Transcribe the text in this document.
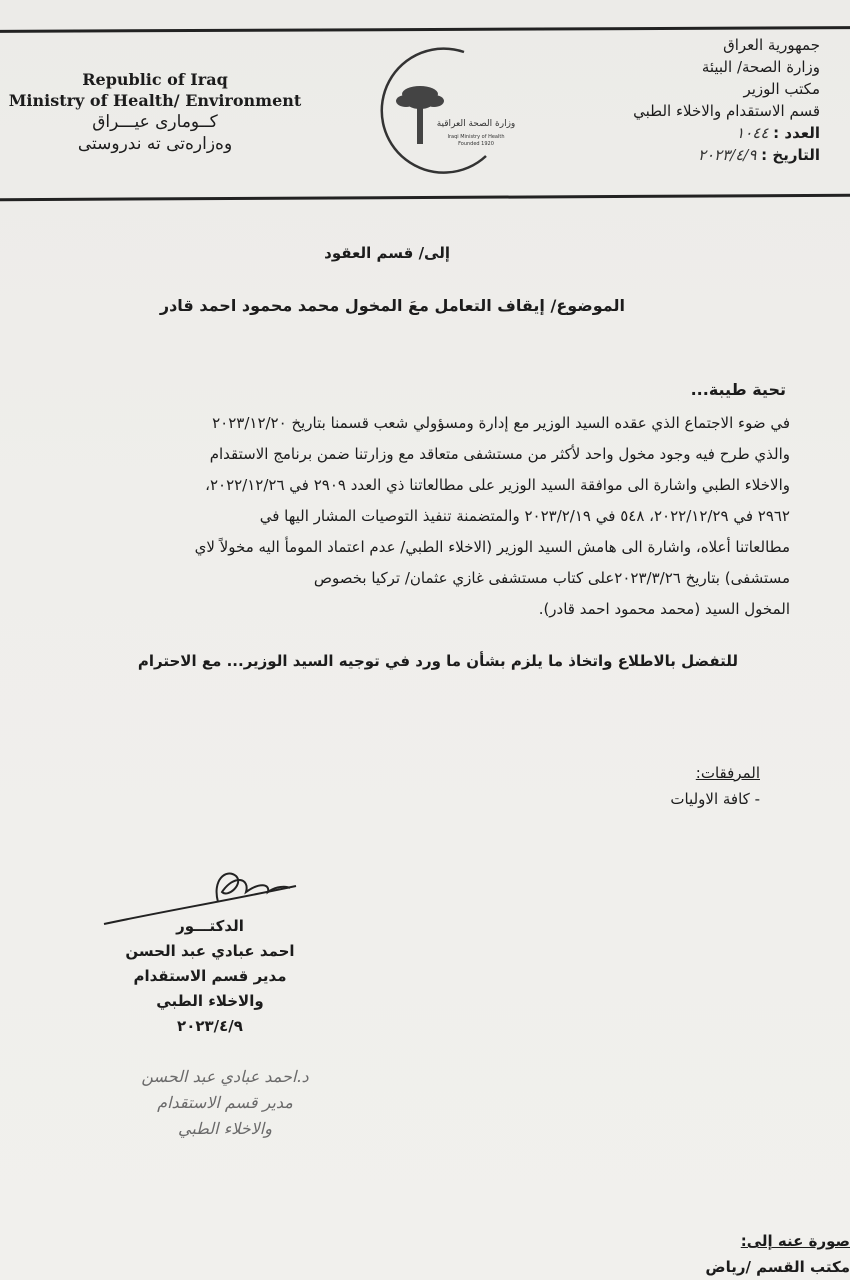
Republic of Iraq
Ministry of Health/ Environment
كــومارى عيـــراق
وەزارەتى تە ندروستى
وزارة الصحة العراقية
Iraqi Ministry of Health
Founded 1920
جمهورية العراق
وزارة الصحة/ البيئة
مكتب الوزير
قسم الاستقدام والاخلاء الطبي
العدد : ١٠٤٤
التاريخ : ٢٠٢٣/٤/٩
إلى/ قسم العقود
الموضوع/ إيقاف التعامل معَ المخول محمد محمود احمد قادر
تحية طيبة...
في ضوء الاجتماع الذي عقده السيد الوزير مع إدارة ومسؤولي شعب قسمنا بتاريخ ٢٠٢٣/١٢/٢٠
والذي طرح فيه وجود مخول واحد لأكثر من مستشفى متعاقد مع وزارتنا ضمن برنامج الاستقدام
والاخلاء الطبي واشارة الى موافقة السيد الوزير على مطالعاتنا ذي العدد ٢٩٠٩ في ٢٠٢٢/١٢/٢٦،
٢٩٦٢ في ٢٠٢٢/١٢/٢٩، ٥٤٨ في ٢٠٢٣/٢/١٩ والمتضمنة تنفيذ التوصيات المشار اليها في
مطالعاتنا أعلاه، واشارة الى هامش السيد الوزير (الاخلاء الطبي/ عدم اعتماد المومأ اليه مخولاً لاي
مستشفى) بتاريخ ٢٠٢٣/٣/٢٦على كتاب مستشفى غازي عثمان/ تركيا بخصوص
المخول السيد (محمد محمود احمد قادر).
للتفضل بالاطلاع واتخاذ ما يلزم بشأن ما ورد في توجيه السيد الوزير... مع الاحترام
المرفقات:
- كافة الاوليات
الدكتـــور
احمد عبادي عبد الحسن
مدير قسم الاستقدام
والاخلاء الطبي
٢٠٢٣/٤/٩
د.احمد عبادي عبد الحسن
مدير قسم الاستقدام
والاخلاء الطبي
صورة عنه إلى:
مكتب القسم /رياض
